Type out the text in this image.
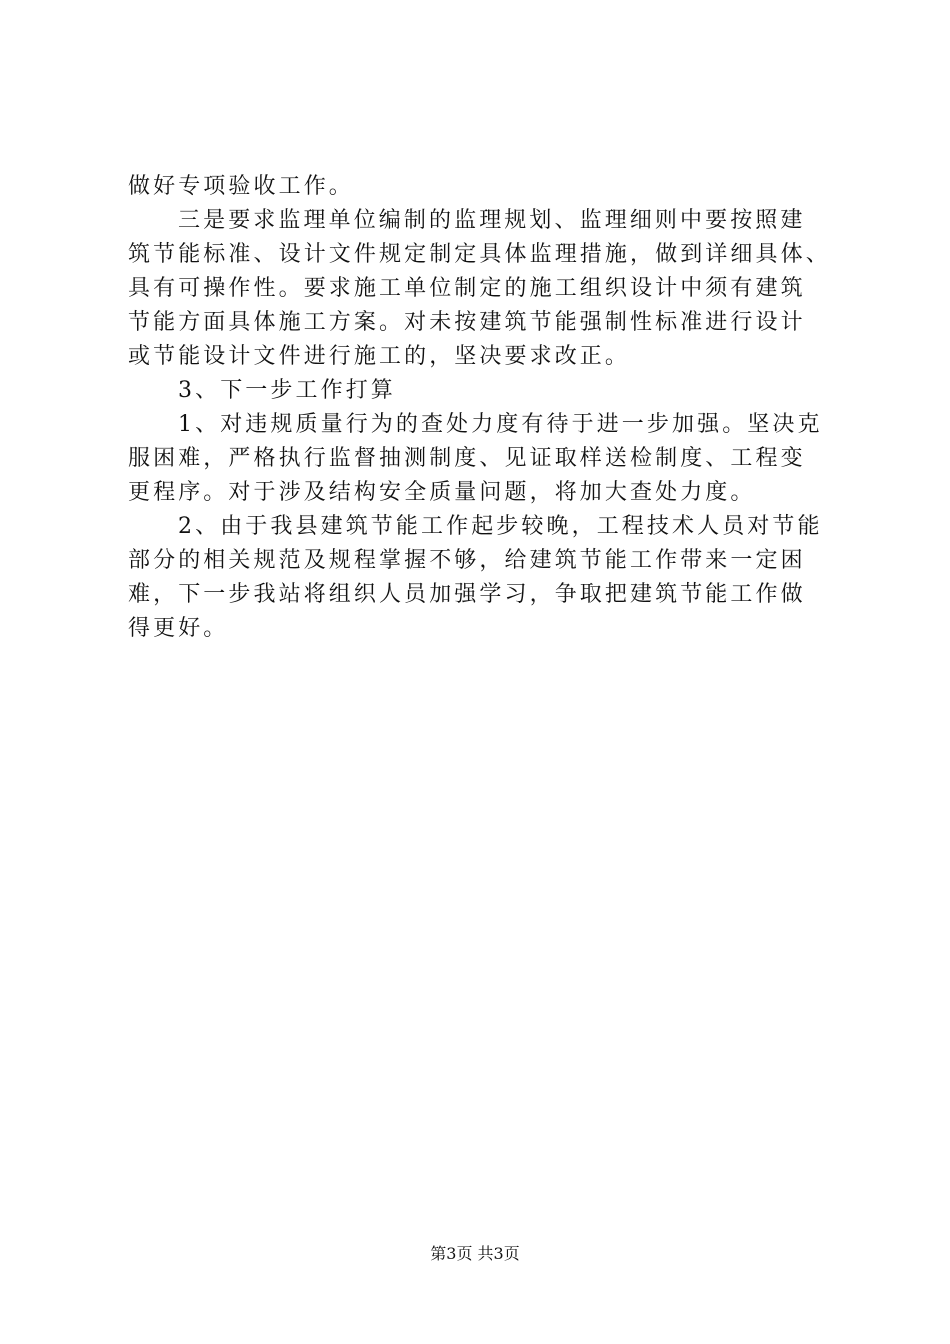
做好专项验收工作。
三是要求监理单位编制的监理规划、监理细则中要按照建
筑节能标准、设计文件规定制定具体监理措施，做到详细具体、
具有可操作性。要求施工单位制定的施工组织设计中须有建筑
节能方面具体施工方案。对未按建筑节能强制性标准进行设计
或节能设计文件进行施工的，坚决要求改正。
3、下一步工作打算
1、对违规质量行为的查处力度有待于进一步加强。坚决克
服困难，严格执行监督抽测制度、见证取样送检制度、工程变
更程序。对于涉及结构安全质量问题，将加大查处力度。
2、由于我县建筑节能工作起步较晚，工程技术人员对节能
部分的相关规范及规程掌握不够，给建筑节能工作带来一定困
难，下一步我站将组织人员加强学习，争取把建筑节能工作做
得更好。
第3页 共3页
